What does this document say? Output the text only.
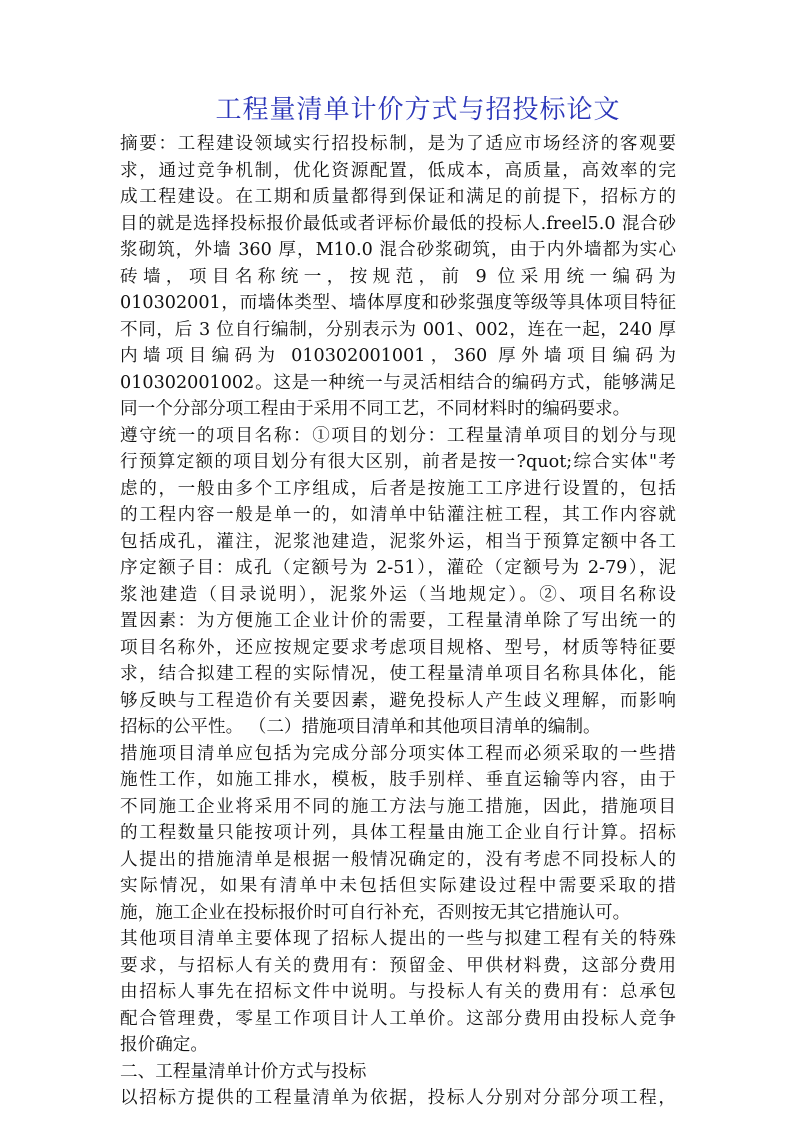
工程量清单计价方式与招投标论文
摘要：工程建设领域实行招投标制，是为了适应市场经济的客观要
求，通过竞争机制，优化资源配置，低成本，高质量，高效率的完
成工程建设。在工期和质量都得到保证和满足的前提下，招标方的
目的就是选择投标报价最低或者评标价最低的投标人.freel5.0 混合砂
浆砌筑，外墙 360 厚，M10.0 混合砂浆砌筑，由于内外墙都为实心
砖墙，项目名称统一，按规范，前 9 位采用统一编码为
010302001，而墙体类型、墙体厚度和砂浆强度等级等具体项目特征
不同，后 3 位自行编制，分别表示为 001、002，连在一起，240 厚
内墙项目编码为 010302001001，360 厚外墙项目编码为
010302001002。这是一种统一与灵活相结合的编码方式，能够满足
同一个分部分项工程由于采用不同工艺，不同材料时的编码要求。
遵守统一的项目名称：①项目的划分：工程量清单项目的划分与现
行预算定额的项目划分有很大区别，前者是按一?quot;综合实体"考
虑的，一般由多个工序组成，后者是按施工工序进行设置的，包括
的工程内容一般是单一的，如清单中钻灌注桩工程，其工作内容就
包括成孔，灌注，泥浆池建造，泥浆外运，相当于预算定额中各工
序定额子目：成孔（定额号为 2-51），灌砼（定额号为 2-79），泥
浆池建造（目录说明），泥浆外运（当地规定）。②、项目名称设
置因素：为方便施工企业计价的需要，工程量清单除了写出统一的
项目名称外，还应按规定要求考虑项目规格、型号，材质等特征要
求，结合拟建工程的实际情况，使工程量清单项目名称具体化，能
够反映与工程造价有关要因素，避免投标人产生歧义理解，而影响
招标的公平性。 （二）措施项目清单和其他项目清单的编制。
措施项目清单应包括为完成分部分项实体工程而必须采取的一些措
施性工作，如施工排水，模板，肢手别样、垂直运输等内容，由于
不同施工企业将采用不同的施工方法与施工措施，因此，措施项目
的工程数量只能按项计列，具体工程量由施工企业自行计算。招标
人提出的措施清单是根据一般情况确定的，没有考虑不同投标人的
实际情况，如果有清单中未包括但实际建设过程中需要采取的措
施，施工企业在投标报价时可自行补充，否则按无其它措施认可。
其他项目清单主要体现了招标人提出的一些与拟建工程有关的特殊
要求，与招标人有关的费用有：预留金、甲供材料费，这部分费用
由招标人事先在招标文件中说明。与投标人有关的费用有：总承包
配合管理费，零星工作项目计人工单价。这部分费用由投标人竞争
报价确定。
二、工程量清单计价方式与投标
以招标方提供的工程量清单为依据，投标人分别对分部分项工程，
